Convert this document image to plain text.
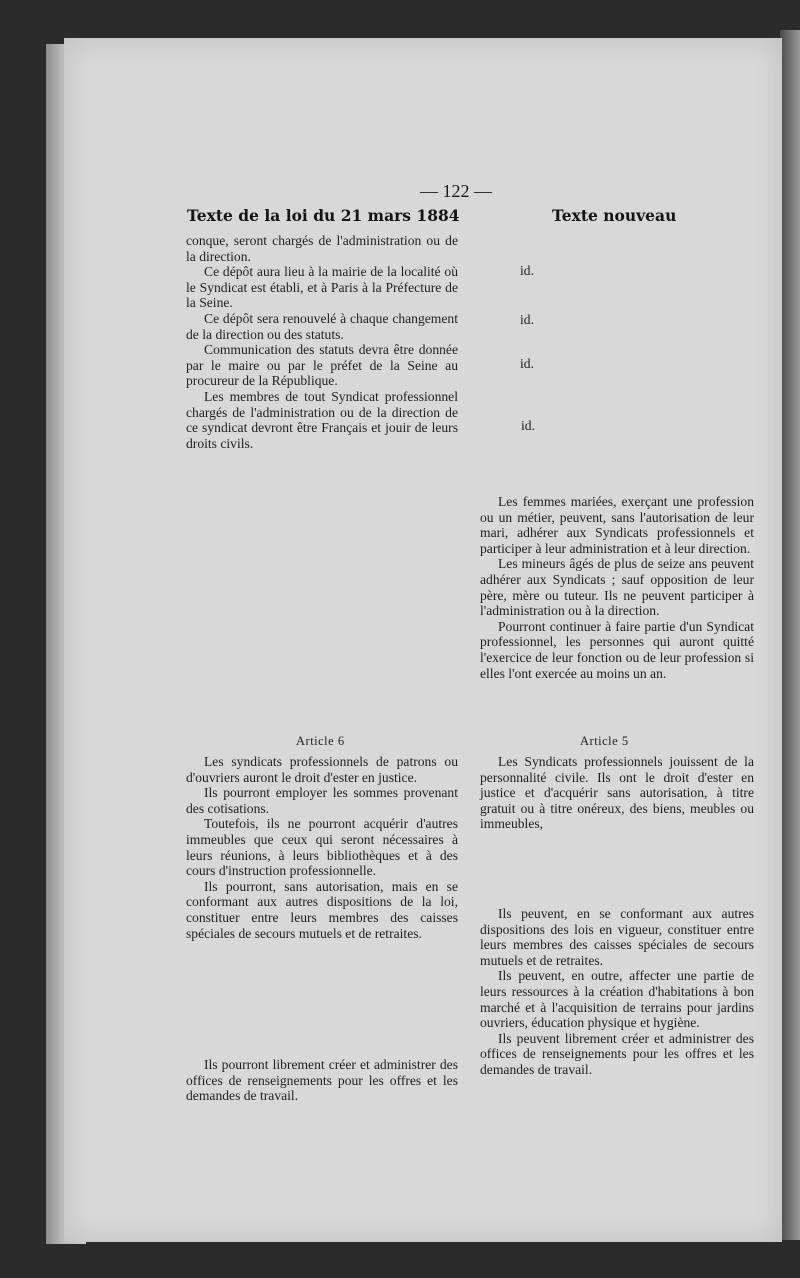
— 122 —
Texte de la loi du 21 mars 1884	Texte nouveau

conque, seront chargés de l'administration ou de la direction.

Ce dépôt aura lieu à la mairie de la localité où le Syndicat est établi, et à Paris à la Préfecture de la Seine.

Ce dépôt sera renouvelé à chaque changement de la direction ou des statuts.

Communication des statuts devra être donnée par le maire ou par le préfet de la Seine au procureur de la République.

Les membres de tout Syndicat professionnel chargés de l'administration ou de la direction de ce syndicat devront être Français et jouir de leurs droits civils.

Article 6

Les syndicats professionnels de patrons ou d'ouvriers auront le droit d'ester en justice.

Ils pourront employer les sommes provenant des cotisations.

Toutefois, ils ne pourront acquérir d'autres immeubles que ceux qui seront nécessaires à leurs réunions, à leurs bibliothèques et à des cours d'instruction professionnelle.

Ils pourront, sans autorisation, mais en se conformant aux autres dispositions de la loi, constituer entre leurs membres des caisses spéciales de secours mutuels et de retraites.

Ils pourront librement créer et administrer des offices de renseignements pour les offres et les demandes de travail.

id.
id.
id.
id.

Les femmes mariées, exerçant une profession ou un métier, peuvent, sans l'autorisation de leur mari, adhérer aux Syndicats professionnels et participer à leur administration et à leur direction.

Les mineurs âgés de plus de seize ans peuvent adhérer aux Syndicats ; sauf opposition de leur père, mère ou tuteur. Ils ne peuvent participer à l'administration ou à la direction.

Pourront continuer à faire partie d'un Syndicat professionnel, les personnes qui auront quitté l'exercice de leur fonction ou de leur profession si elles l'ont exercée au moins un an.

Article 5

Les Syndicats professionnels jouissent de la personnalité civile. Ils ont le droit d'ester en justice et d'acquérir sans autorisation, à titre gratuit ou à titre onéreux, des biens, meubles ou immeubles,

Ils peuvent, en se conformant aux autres dispositions des lois en vigueur, constituer entre leurs membres des caisses spéciales de secours mutuels et de retraites.

Ils peuvent, en outre, affecter une partie de leurs ressources à la création d'habitations à bon marché et à l'acquisition de terrains pour jardins ouvriers, éducation physique et hygiène.

Ils peuvent librement créer et administrer des offices de renseignements pour les offres et les demandes de travail.
